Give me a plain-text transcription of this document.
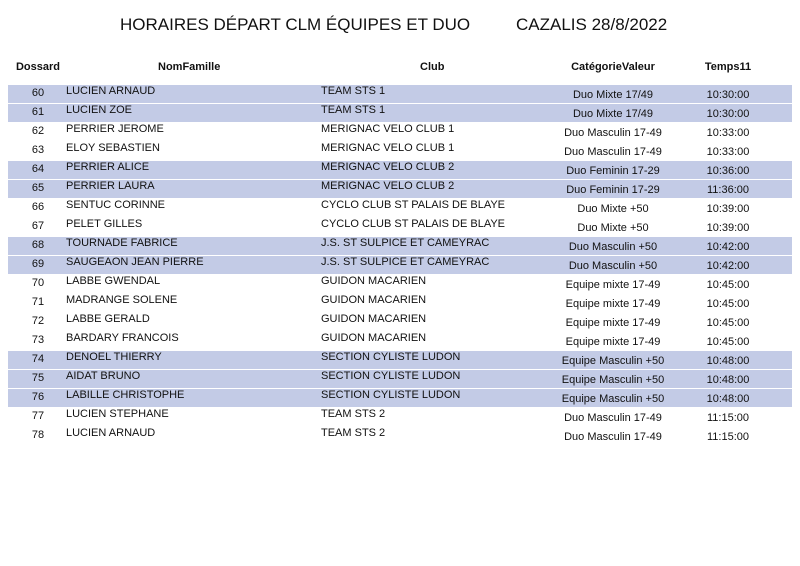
HORAIRES DÉPART CLM ÉQUIPES ET DUO	CAZALIS 28/8/2022
Dossard	NomFamille	Club	CatégorieValeur	Temps11
60	LUCIEN ARNAUD	TEAM STS 1	Duo Mixte 17/49	10:30:00
61	LUCIEN ZOE	TEAM STS 1	Duo Mixte 17/49	10:30:00
62	PERRIER JEROME	MERIGNAC VELO CLUB 1	Duo Masculin 17-49	10:33:00
63	ELOY SEBASTIEN	MERIGNAC VELO CLUB 1	Duo Masculin 17-49	10:33:00
64	PERRIER ALICE	MERIGNAC VELO CLUB 2	Duo Feminin 17-29	10:36:00
65	PERRIER LAURA	MERIGNAC VELO CLUB 2	Duo Feminin 17-29	11:36:00
66	SENTUC CORINNE	CYCLO CLUB ST PALAIS DE BLAYE	Duo Mixte +50	10:39:00
67	PELET GILLES	CYCLO CLUB ST PALAIS DE BLAYE	Duo Mixte +50	10:39:00
68	TOURNADE FABRICE	J.S. ST SULPICE ET CAMEYRAC	Duo Masculin +50	10:42:00
69	SAUGEAON JEAN PIERRE	J.S. ST SULPICE ET CAMEYRAC	Duo Masculin +50	10:42:00
70	LABBE GWENDAL	GUIDON MACARIEN	Equipe mixte 17-49	10:45:00
71	MADRANGE SOLENE	GUIDON MACARIEN	Equipe mixte 17-49	10:45:00
72	LABBE GERALD	GUIDON MACARIEN	Equipe mixte 17-49	10:45:00
73	BARDARY FRANCOIS	GUIDON MACARIEN	Equipe mixte 17-49	10:45:00
74	DENOEL THIERRY	SECTION CYLISTE LUDON	Equipe Masculin +50	10:48:00
75	AIDAT BRUNO	SECTION CYLISTE LUDON	Equipe Masculin +50	10:48:00
76	LABILLE CHRISTOPHE	SECTION CYLISTE LUDON	Equipe Masculin +50	10:48:00
77	LUCIEN STEPHANE	TEAM STS 2	Duo Masculin 17-49	11:15:00
78	LUCIEN ARNAUD	TEAM STS 2	Duo Masculin 17-49	11:15:00
